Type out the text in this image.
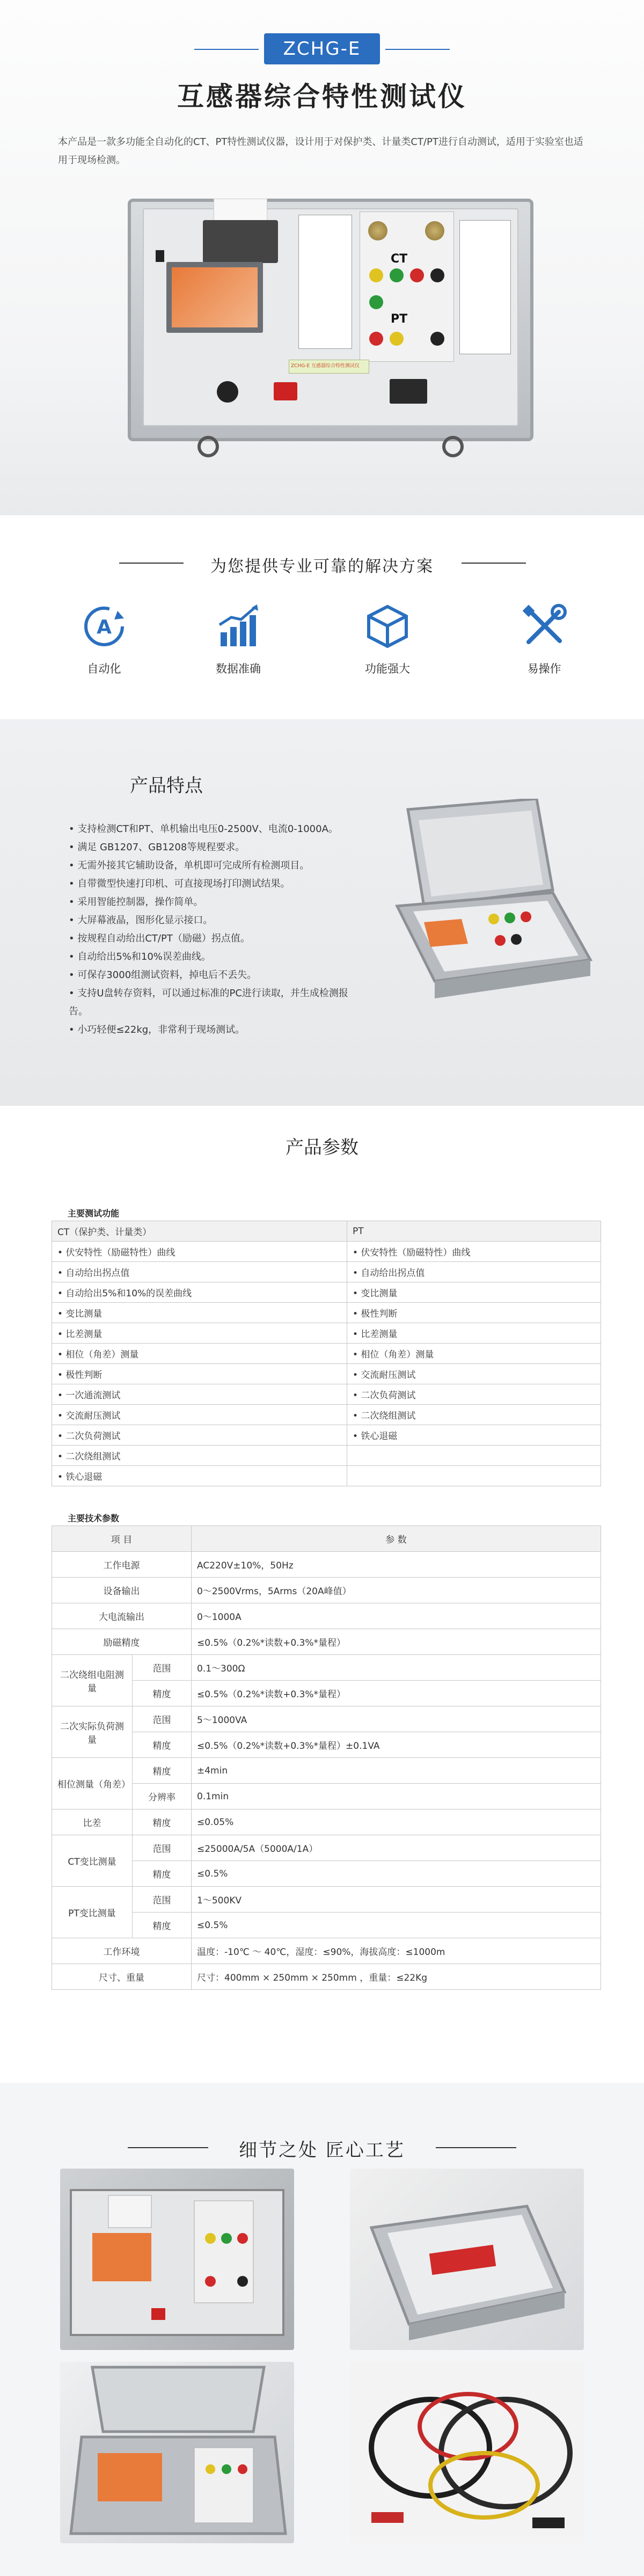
ZCHG-E
互感器综合特性测试仪
本产品是一款多功能全自动化的CT、PT特性测试仪器，设计用于对保护类、计量类CT/PT进行自动测试，适用于实验室也适用于现场检测。
CT
PT
ZCHG-E 互感器综合特性测试仪
为您提供专业可靠的解决方案
A
自动化	数据准确	功能强大	易操作
产品特点
• 支持检测CT和PT、单机输出电压0-2500V、电流0-1000A。
• 满足 GB1207、GB1208等规程要求。
• 无需外接其它辅助设备，单机即可完成所有检测项目。
• 自带微型快速打印机、可直接现场打印测试结果。
• 采用智能控制器，操作简单。
• 大屏幕液晶，图形化显示接口。
• 按规程自动给出CT/PT（励磁）拐点值。
• 自动给出5%和10%误差曲线。
• 可保存3000组测试资料，掉电后不丢失。
• 支持U盘转存资料，可以通过标准的PC进行读取，并生成检测报告。
• 小巧轻便≤22kg，非常利于现场测试。
产品参数
主要测试功能
CT（保护类、计量类）	PT
• 伏安特性（励磁特性）曲线	• 伏安特性（励磁特性）曲线
• 自动给出拐点值	• 自动给出拐点值
• 自动给出5%和10%的误差曲线	• 变比测量
• 变比测量	• 极性判断
• 比差测量	• 比差测量
• 相位（角差）测量	• 相位（角差）测量
• 极性判断	• 交流耐压测试
• 一次通流测试	• 二次负荷测试
• 交流耐压测试	• 二次绕组测试
• 二次负荷测试	• 铁心退磁
• 二次绕组测试	
• 铁心退磁	
主要技术参数
项 目		参 数
工作电源		AC220V±10%，50Hz
设备输出		0～2500Vrms，5Arms（20A峰值）
大电流输出		0～1000A
励磁精度		≤0.5%（0.2%*读数+0.3%*量程）
二次绕组电阻测量	范围	0.1～300Ω
	精度	≤0.5%（0.2%*读数+0.3%*量程）
二次实际负荷测量	范围	5～1000VA
	精度	≤0.5%（0.2%*读数+0.3%*量程）±0.1VA
相位测量（角差）	精度	±4min
	分辨率	0.1min
比差	精度	≤0.05%
CT变比测量	范围	≤25000A/5A（5000A/1A）
	精度	≤0.5%
PT变比测量	范围	1～500KV
	精度	≤0.5%
工作环境		温度：-10℃ ～ 40℃，湿度：≤90%，海拔高度：≤1000m
尺寸、重量		尺寸：400mm × 250mm × 250mm ，重量：≤22Kg
细节之处 匠心工艺
